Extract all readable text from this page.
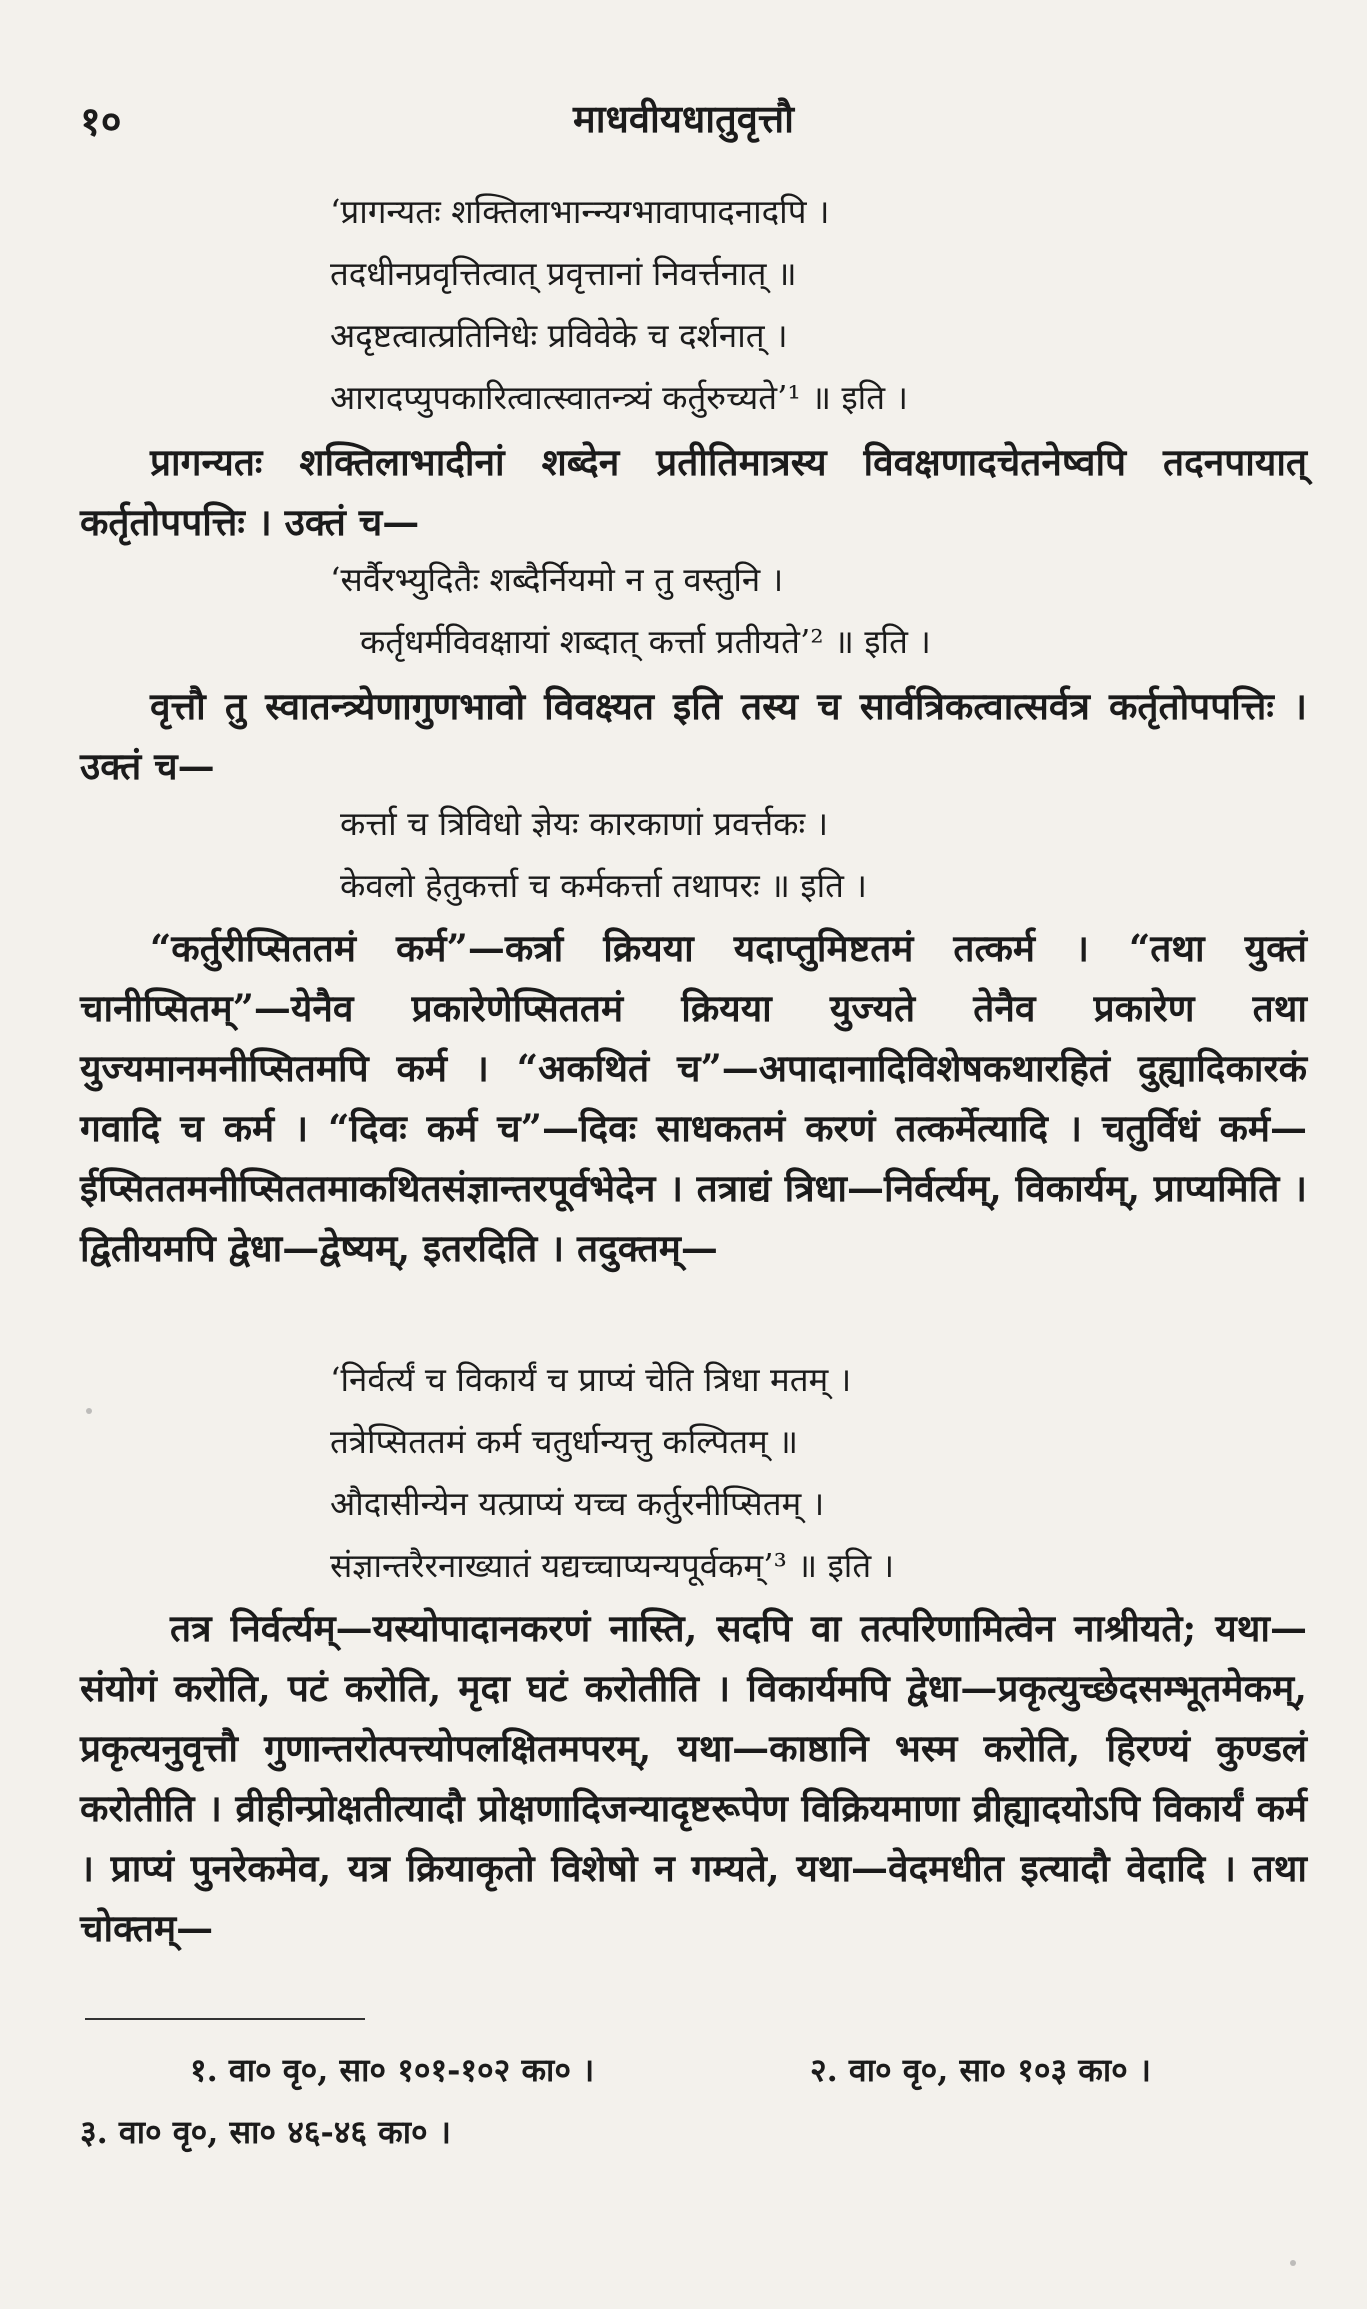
१०	माधवीयधातुवृत्तौ
‘प्रागन्यतः शक्तिलाभान्न्यग्भावापादनादपि ।
तदधीनप्रवृत्तित्वात् प्रवृत्तानां निवर्त्तनात् ॥
अदृष्टत्वात्प्रतिनिधेः प्रविवेके च दर्शनात् ।
आरादप्युपकारित्वात्स्वातन्त्र्यं कर्तुरुच्यते’¹ ॥ इति ।
प्रागन्यतः शक्तिलाभादीनां शब्देन प्रतीतिमात्रस्य विवक्षणादचेतनेष्वपि तदनपायात् कर्तृतोपपत्तिः । उक्तं च—
‘सर्वैरभ्युदितैः शब्दैर्नियमो न तु वस्तुनि ।
कर्तृधर्मविवक्षायां शब्दात् कर्त्ता प्रतीयते’² ॥ इति ।
वृत्तौ तु स्वातन्त्र्येणागुणभावो विवक्ष्यत इति तस्य च सार्वत्रिकत्वात्सर्वत्र कर्तृतोपपत्तिः । उक्तं च—
कर्त्ता च त्रिविधो ज्ञेयः कारकाणां प्रवर्त्तकः ।
केवलो हेतुकर्त्ता च कर्मकर्त्ता तथापरः ॥ इति ।
“कर्तुरीप्सिततमं कर्म”—कर्त्रा क्रियया यदाप्तुमिष्टतमं तत्कर्म । “तथा युक्तं चानीप्सितम्”—येनैव प्रकारेणेप्सिततमं क्रियया युज्यते तेनैव प्रकारेण तथा युज्यमानमनीप्सितमपि कर्म । “अकथितं च”—अपादानादिविशेषकथारहितं दुह्यादिकारकं गवादि च कर्म । “दिवः कर्म च”—दिवः साधकतमं करणं तत्कर्मेत्यादि । चतुर्विधं कर्म—ईप्सिततमनीप्सिततमाकथितसंज्ञान्तरपूर्वभेदेन । तत्राद्यं त्रिधा—निर्वर्त्यम्, विकार्यम्, प्राप्यमिति । द्वितीयमपि द्वेधा—द्वेष्यम्, इतरदिति । तदुक्तम्—
‘निर्वर्त्यं च विकार्यं च प्राप्यं चेति त्रिधा मतम् ।
तत्रेप्सिततमं कर्म चतुर्धान्यत्तु कल्पितम् ॥
औदासीन्येन यत्प्राप्यं यच्च कर्तुरनीप्सितम् ।
संज्ञान्तरैरनाख्यातं यद्यच्चाप्यन्यपूर्वकम्’³ ॥ इति ।
तत्र निर्वर्त्यम्—यस्योपादानकरणं नास्ति, सदपि वा तत्परिणामित्वेन नाश्रीयते; यथा—संयोगं करोति, पटं करोति, मृदा घटं करोतीति । विकार्यमपि द्वेधा—प्रकृत्युच्छेदसम्भूतमेकम्, प्रकृत्यनुवृत्तौ गुणान्तरोत्पत्त्योपलक्षितमपरम्, यथा—काष्ठानि भस्म करोति, हिरण्यं कुण्डलं करोतीति । व्रीहीन्प्रोक्षतीत्यादौ प्रोक्षणादिजन्यादृष्टरूपेण विक्रियमाणा व्रीह्यादयोऽपि विकार्यं कर्म । प्राप्यं पुनरेकमेव, यत्र क्रियाकृतो विशेषो न गम्यते, यथा—वेदमधीत इत्यादौ वेदादि । तथा चोक्तम्—
१. वा० वृ०, सा० १०१-१०२ का० ।	२. वा० वृ०, सा० १०३ का० ।
३. वा० वृ०, सा० ४६-४६ का० ।
